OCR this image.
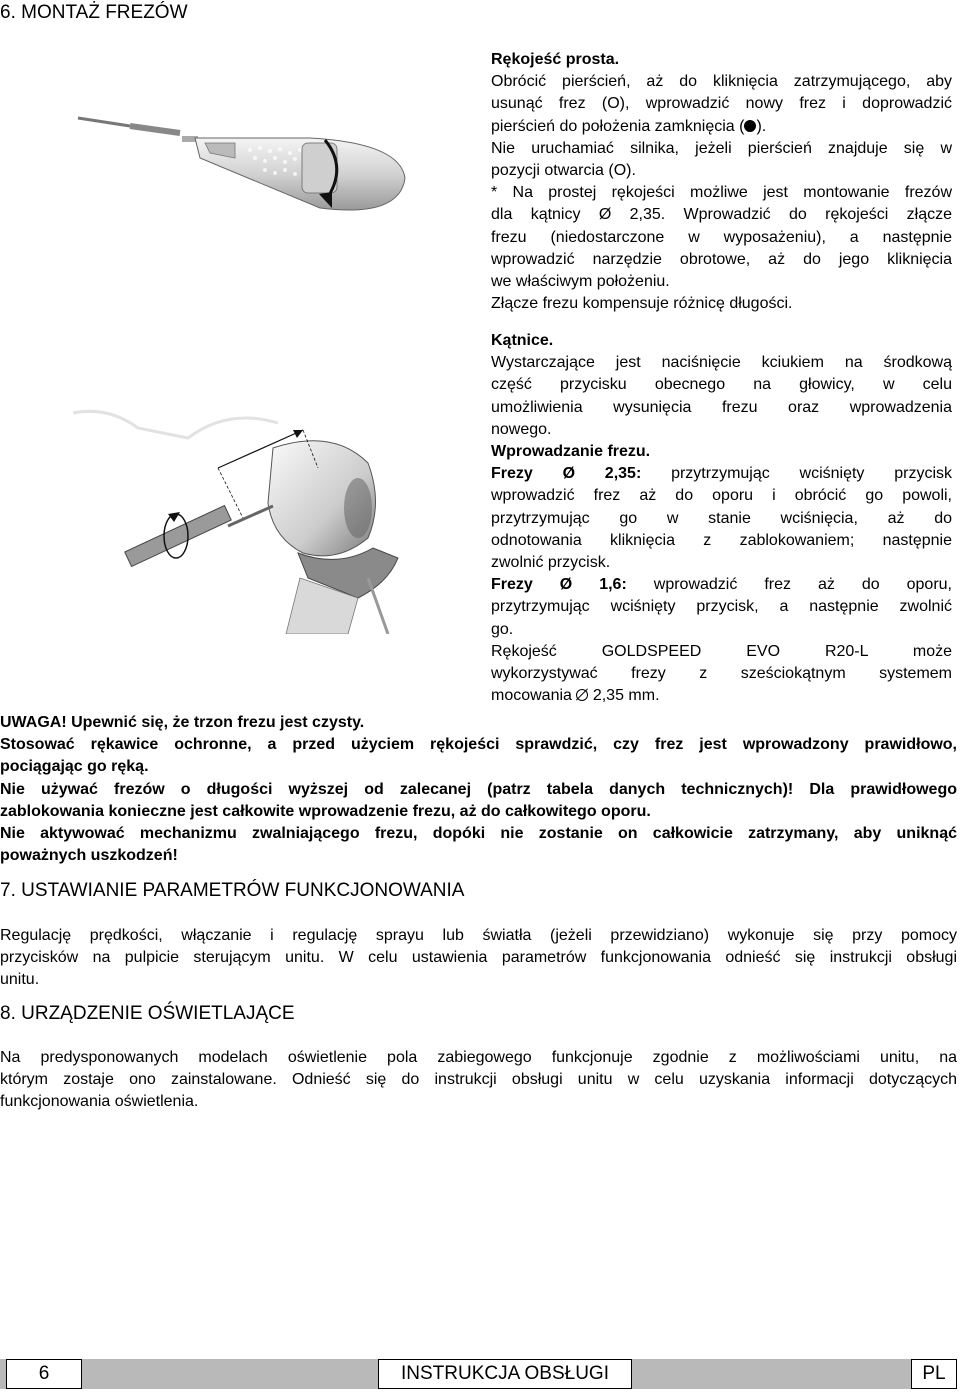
6. MONTAŻ FREZÓW
Rękojeść prosta.
Obrócić pierścień, aż do kliknięcia zatrzymującego, aby
usunąć frez (O), wprowadzić nowy frez i doprowadzić
pierścień do położenia zamknięcia ( ).
Nie uruchamiać silnika, jeżeli pierścień znajduje się w
pozycji otwarcia (O).
* Na prostej rękojeści możliwe jest montowanie frezów
dla kątnicy Ø 2,35. Wprowadzić do rękojeści złącze
frezu (niedostarczone w wyposażeniu), a następnie
wprowadzić narzędzie obrotowe, aż do jego kliknięcia
we właściwym położeniu.
Złącze frezu kompensuje różnicę długości.
Kątnice.
Wystarczające jest naciśnięcie kciukiem na środkową
część przycisku obecnego na głowicy, w celu
umożliwienia wysunięcia frezu oraz wprowadzenia
nowego.
Wprowadzanie frezu.
Frezy Ø 2,35: przytrzymując wciśnięty przycisk
wprowadzić frez aż do oporu i obrócić go powoli,
przytrzymując go w stanie wciśnięcia, aż do
odnotowania kliknięcia z zablokowaniem; następnie
zwolnić przycisk.
Frezy Ø 1,6: wprowadzić frez aż do oporu,
przytrzymując wciśnięty przycisk, a następnie zwolnić
go.
Rękojeść GOLDSPEED EVO R20-L może
wykorzystywać frezy z sześciokątnym systemem
mocowania
2,35 mm.
UWAGA! Upewnić się, że trzon frezu jest czysty.
Stosować rękawice ochronne, a przed użyciem rękojeści sprawdzić, czy frez jest wprowadzony prawidłowo,
pociągając go ręką.
Nie używać frezów o długości wyższej od zalecanej (patrz tabela danych technicznych)! Dla prawidłowego
zablokowania konieczne jest całkowite wprowadzenie frezu, aż do całkowitego oporu.
Nie aktywować mechanizmu zwalniającego frezu, dopóki nie zostanie on całkowicie zatrzymany, aby uniknąć
poważnych uszkodzeń!
7. USTAWIANIE PARAMETRÓW FUNKCJONOWANIA
Regulację prędkości, włączanie i regulację sprayu lub światła (jeżeli przewidziano) wykonuje się przy pomocy
przycisków na pulpicie sterującym unitu. W celu ustawienia parametrów funkcjonowania odnieść się instrukcji obsługi
unitu.
8. URZĄDZENIE OŚWIETLAJĄCE
Na predysponowanych modelach oświetlenie pola zabiegowego funkcjonuje zgodnie z możliwościami unitu, na
którym zostaje ono zainstalowane. Odnieść się do instrukcji obsługi unitu w celu uzyskania informacji dotyczących
funkcjonowania oświetlenia.
6	INSTRUKCJA OBSŁUGI	PL
